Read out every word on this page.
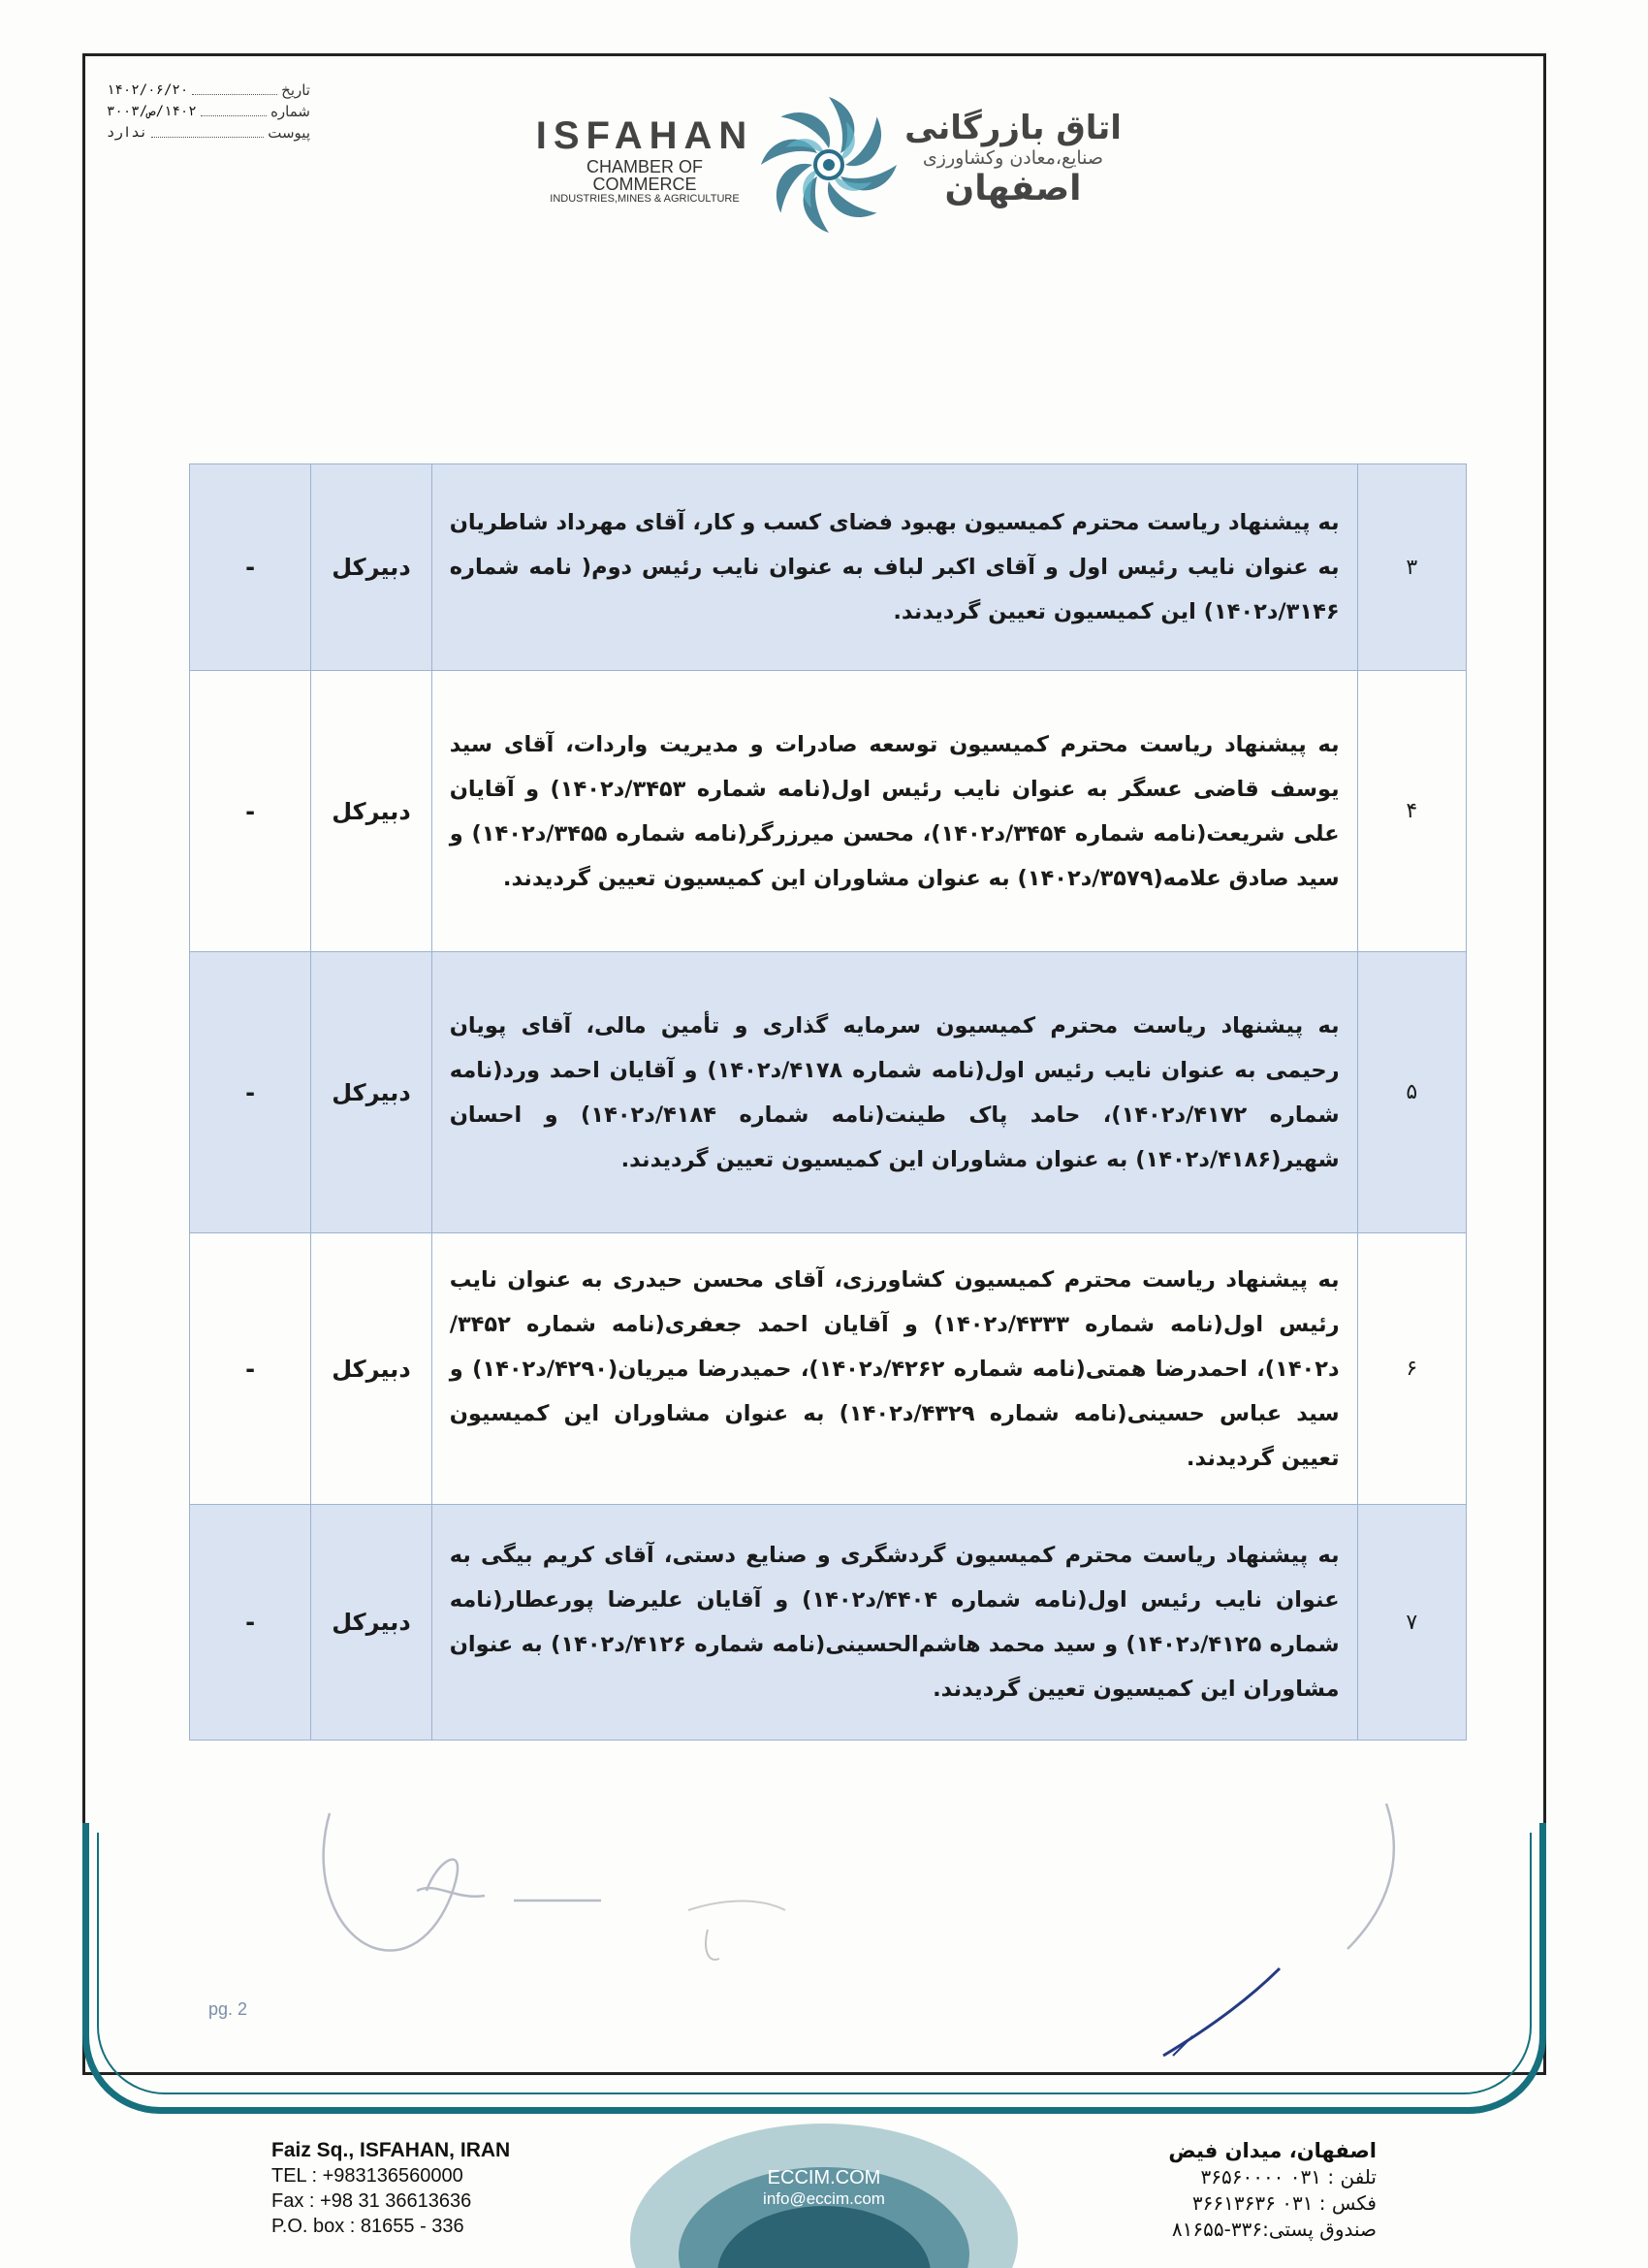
تاریخ
۱۴۰۲/۰۶/۲۰
شماره
۱۴۰۲/ص/۳۰۰۳
پیوست
ندارد	ISFAHAN
CHAMBER OF COMMERCE
INDUSTRIES,MINES & AGRICULTURE
اتاق بازرگانی
صنایع،معادن وکشاورزی
اصفهان
۳	به پیشنهاد ریاست محترم کمیسیون بهبود فضای کسب و کار، آقای مهرداد شاطریان به عنوان نایب رئیس اول و آقای اکبر لباف به عنوان نایب رئیس دوم( نامه شماره ۳۱۴۶/د۱۴۰۲) این کمیسیون تعیین گردیدند.	دبیرکل	-
۴	به پیشنهاد ریاست محترم کمیسیون توسعه صادرات و مدیریت واردات، آقای سید یوسف قاضی عسگر به عنوان نایب رئیس اول(نامه شماره ۳۴۵۳/د۱۴۰۲) و آقایان علی شریعت(نامه شماره ۳۴۵۴/د۱۴۰۲)، محسن میرزرگر(نامه شماره ۳۴۵۵/د۱۴۰۲) و سید صادق علامه(۳۵۷۹/د۱۴۰۲) به عنوان مشاوران این کمیسیون تعیین گردیدند.	دبیرکل	-
۵	به پیشنهاد ریاست محترم کمیسیون سرمایه گذاری و تأمین مالی، آقای پویان رحیمی به عنوان نایب رئیس اول(نامه شماره ۴۱۷۸/د۱۴۰۲) و آقایان احمد ورد(نامه شماره ۴۱۷۲/د۱۴۰۲)، حامد پاک طینت(نامه شماره ۴۱۸۴/د۱۴۰۲) و احسان شهیر(۴۱۸۶/د۱۴۰۲) به عنوان مشاوران این کمیسیون تعیین گردیدند.	دبیرکل	-
۶	به پیشنهاد ریاست محترم کمیسیون کشاورزی، آقای محسن حیدری به عنوان نایب رئیس اول(نامه شماره ۴۳۳۳/د۱۴۰۲) و آقایان احمد جعفری(نامه شماره ۳۴۵۲/د۱۴۰۲)، احمدرضا همتی(نامه شماره ۴۲۶۲/د۱۴۰۲)، حمیدرضا میریان(۴۲۹۰/د۱۴۰۲) و سید عباس حسینی(نامه شماره ۴۳۲۹/د۱۴۰۲) به عنوان مشاوران این کمیسیون تعیین گردیدند.	دبیرکل	-
۷	به پیشنهاد ریاست محترم کمیسیون گردشگری و صنایع دستی، آقای کریم بیگی به عنوان نایب رئیس اول(نامه شماره ۴۴۰۴/د۱۴۰۲) و آقایان علیرضا پورعطار(نامه شماره ۴۱۲۵/د۱۴۰۲) و سید محمد هاشم‌الحسینی(نامه شماره ۴۱۲۶/د۱۴۰۲) به عنوان مشاوران این کمیسیون تعیین گردیدند.	دبیرکل	-
pg. 2
Faiz Sq., ISFAHAN, IRAN
TEL : +983136560000
Fax : +98 31 36613636
P.O. box : 81655 - 336
ECCIM.COM
info@eccim.com
اصفهان، میدان فیض
تلفن : ۰۳۱ ۳۶۵۶۰۰۰۰
فکس : ۰۳۱ ۳۶۶۱۳۶۳۶
صندوق پستی:۳۳۶-۸۱۶۵۵
